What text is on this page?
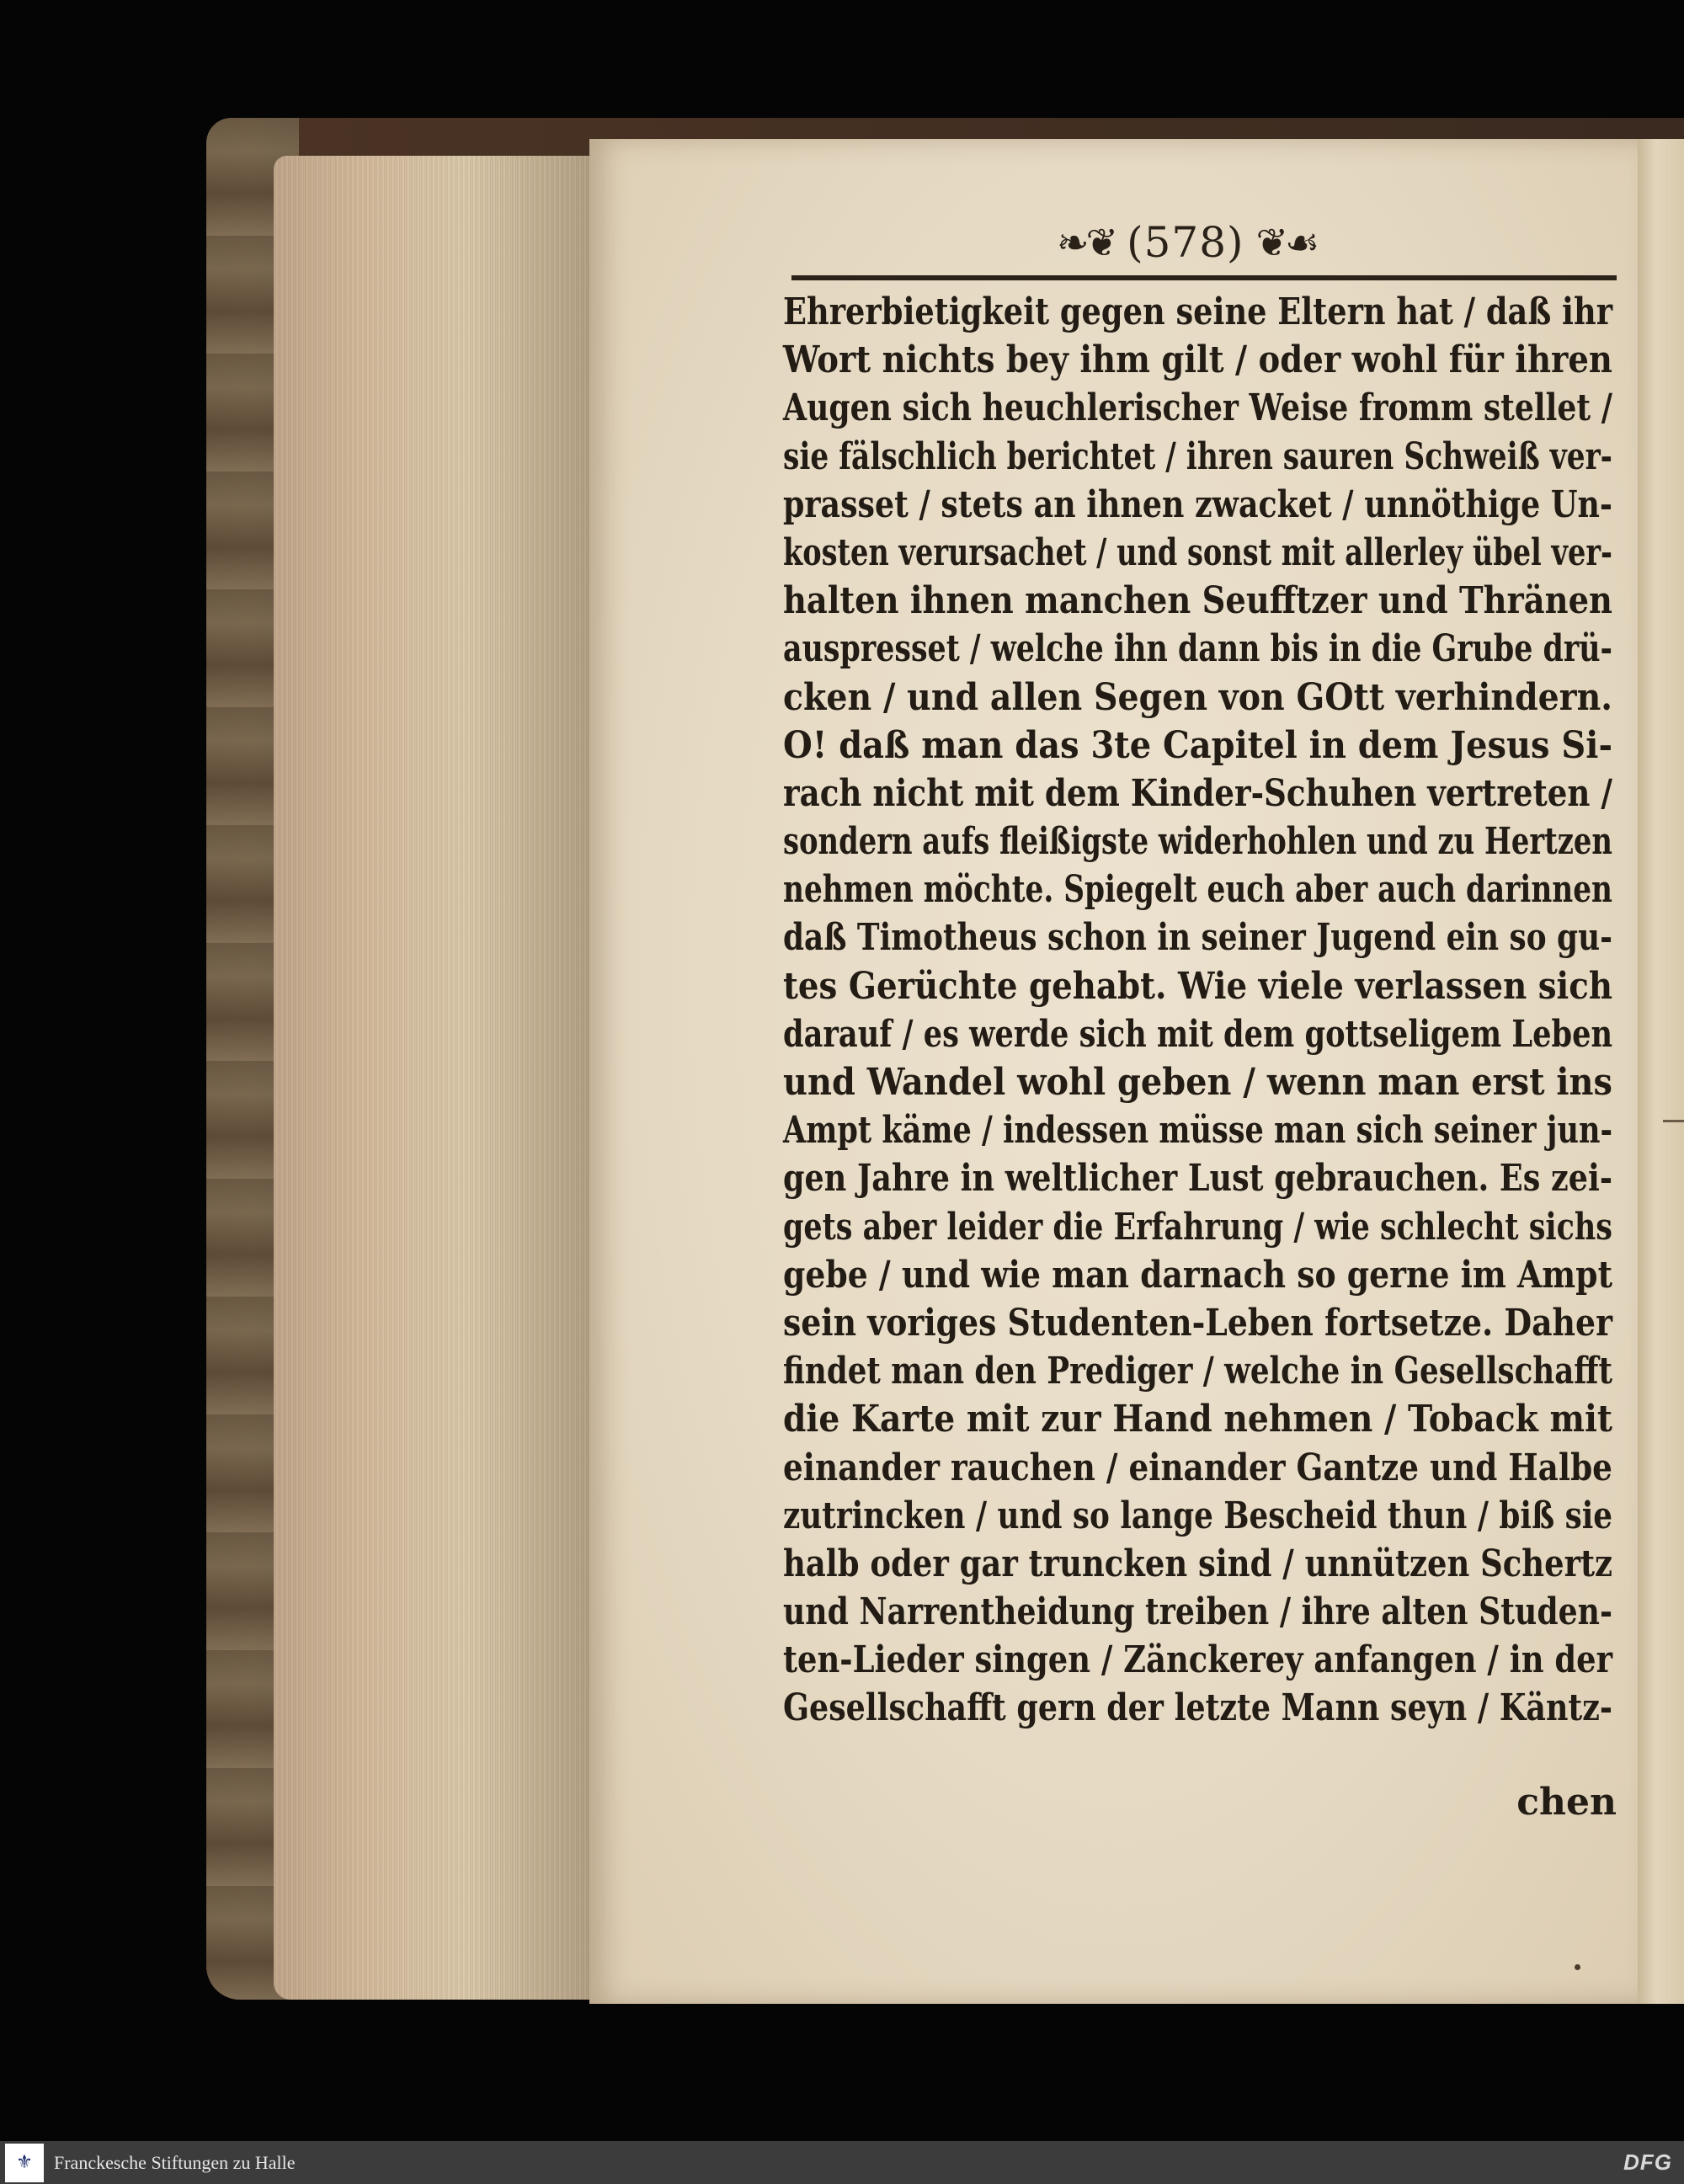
❧❦ (578) ❦☙
Ehrerbietigkeit gegen seine Eltern hat / daß ihr
Wort nichts bey ihm gilt / oder wohl für ihren
Augen sich heuchlerischer Weise fromm stellet /
sie fälschlich berichtet / ihren sauren Schweiß ver-
prasset / stets an ihnen zwacket / unnöthige Un-
kosten verursachet / und sonst mit allerley übel ver-
halten ihnen manchen Seufftzer und Thränen
auspresset / welche ihn dann bis in die Grube drü-
cken / und allen Segen von GOtt verhindern.
O! daß man das 3te Capitel in dem Jesus Si-
rach nicht mit dem Kinder-Schuhen vertreten /
sondern aufs fleißigste widerhohlen und zu Hertzen
nehmen möchte. Spiegelt euch aber auch darinnen
daß Timotheus schon in seiner Jugend ein so gu-
tes Gerüchte gehabt. Wie viele verlassen sich
darauf / es werde sich mit dem gottseligem Leben
und Wandel wohl geben / wenn man erst ins
Ampt käme / indessen müsse man sich seiner jun-
gen Jahre in weltlicher Lust gebrauchen. Es zei-
gets aber leider die Erfahrung / wie schlecht sichs
gebe / und wie man darnach so gerne im Ampt
sein voriges Studenten-Leben fortsetze. Daher
findet man den Prediger / welche in Gesellschafft
die Karte mit zur Hand nehmen / Toback mit
einander rauchen / einander Gantze und Halbe
zutrincken / und so lange Bescheid thun / biß sie
halb oder gar truncken sind / unnützen Schertz
und Narrentheidung treiben / ihre alten Studen-
ten-Lieder singen / Zänckerey anfangen / in der
Gesellschafft gern der letzte Mann seyn / Käntz-
chen
⚜ Franckesche Stiftungen zu Halle	DFG
